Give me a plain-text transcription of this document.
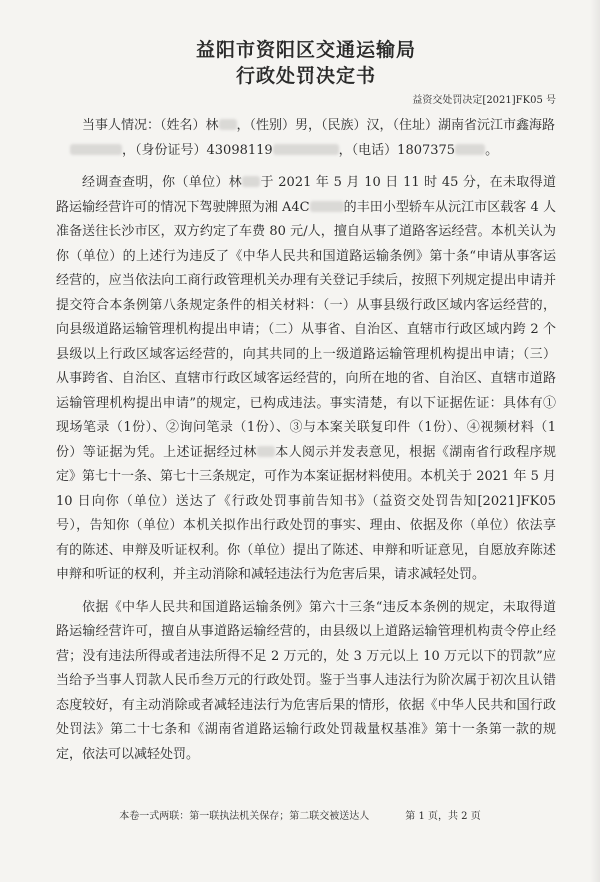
益阳市资阳区交通运输局
行政处罚决定书
益资交处罚决定[2021]FK05 号

当事人情况：（姓名）林 ，（性别）男，（民族）汉，（住址）湖南省沅江市鑫海路

，（身份证号）43098119	，（电话）1807375 。

经调查查明，你（单位）林 于 2021 年 5 月 10 日 11 时 45 分，在未取得道路运输经营许可的情况下驾驶牌照为湘 A4C	的丰田小型轿车从沅江市区载客 4 人准备送往长沙市区，双方约定了车费 80 元/人，擅自从事了道路客运经营。本机关认为你（单位）的上述行为违反了《中华人民共和国道路运输条例》第十条“申请从事客运经营的，应当依法向工商行政管理机关办理有关登记手续后，按照下列规定提出申请并提交符合本条例第八条规定条件的相关材料：（一）从事县级行政区域内客运经营的，向县级道路运输管理机构提出申请；（二）从事省、自治区、直辖市行政区域内跨 2 个县级以上行政区域客运经营的，向其共同的上一级道路运输管理机构提出申请；（三）从事跨省、自治区、直辖市行政区域客运经营的，向所在地的省、自治区、直辖市道路运输管理机构提出申请”的规定，已构成违法。事实清楚，有以下证据佐证：具体有①现场笔录（1份）、②询问笔录（1份）、③与本案关联复印件（1份）、④视频材料（1份）等证据为凭。上述证据经过林 本人阅示并发表意见，根据《湖南省行政程序规定》第七十一条、第七十三条规定，可作为本案证据材料使用。本机关于 2021 年 5 月 10 日向你（单位）送达了《行政处罚事前告知书》（益资交处罚告知[2021]FK05 号），告知你（单位）本机关拟作出行政处罚的事实、理由、依据及你（单位）依法享有的陈述、申辩及听证权利。你（单位）提出了陈述、申辩和听证意见，自愿放弃陈述申辩和听证的权利，并主动消除和减轻违法行为危害后果，请求减轻处罚。

依据《中华人民共和国道路运输条例》第六十三条“违反本条例的规定，未取得道路运输经营许可，擅自从事道路运输经营的，由县级以上道路运输管理机构责令停止经营；没有违法所得或者违法所得不足 2 万元的，处 3 万元以上 10 万元以下的罚款”应当给予当事人罚款人民币叁万元的行政处罚。鉴于当事人违法行为阶次属于初次且认错态度较好，有主动消除或者减轻违法行为危害后果的情形，依据《中华人民共和国行政处罚法》第二十七条和《湖南省道路运输行政处罚裁量权基准》第十一条第一款的规定，依法可以减轻处罚。

本卷一式两联：第一联执法机关保存；第二联交被送达人	第 1 页，共 2 页
